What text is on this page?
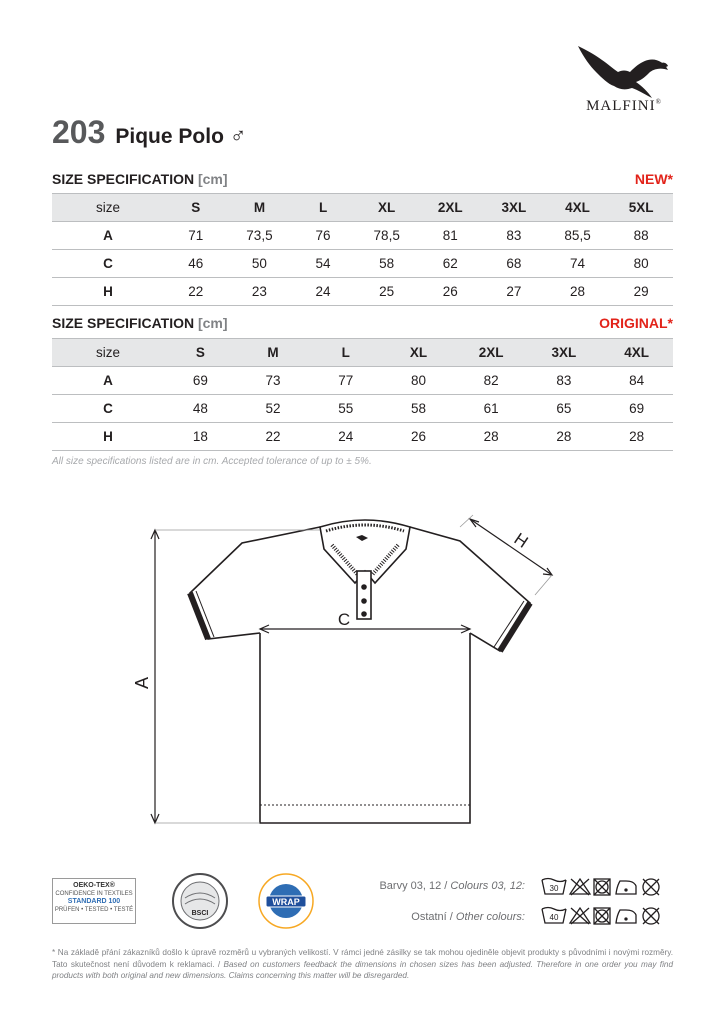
MALFINI®
203 Pique Polo ♂
SIZE SPECIFICATION [cm]	NEW*
size	S	M	L	XL	2XL	3XL	4XL	5XL
A	71	73,5	76	78,5	81	83	85,5	88
C	46	50	54	58	62	68	74	80
H	22	23	24	25	26	27	28	29
SIZE SPECIFICATION [cm]	ORIGINAL*
size	S	M	L	XL	2XL	3XL	4XL
A	69	73	77	80	82	83	84
C	48	52	55	58	61	65	69
H	18	22	24	26	28	28	28
All size specifications listed are in cm. Accepted tolerance of up to ± 5%.
A
C
H
OEKO-TEX®
CONFIDENCE IN TEXTILES
STANDARD 100
PRÜFEN • TESTED • TESTÉ	BSCI
WRAP
Barvy 03, 12 / Colours 03, 12:	30
Ostatní / Other colours:	40
* Na základě přání zákazníků došlo k úpravě rozměrů u vybraných velikostí. V rámci jedné zásilky se tak mohou ojediněle objevit produkty s původními i novými rozměry. Tato skutečnost není důvodem k reklamaci. / Based on customers feedback the dimensions in chosen sizes has been adjusted. Therefore in one order you may find products with both original and new dimensions. Claims concerning this matter will be disregarded.
